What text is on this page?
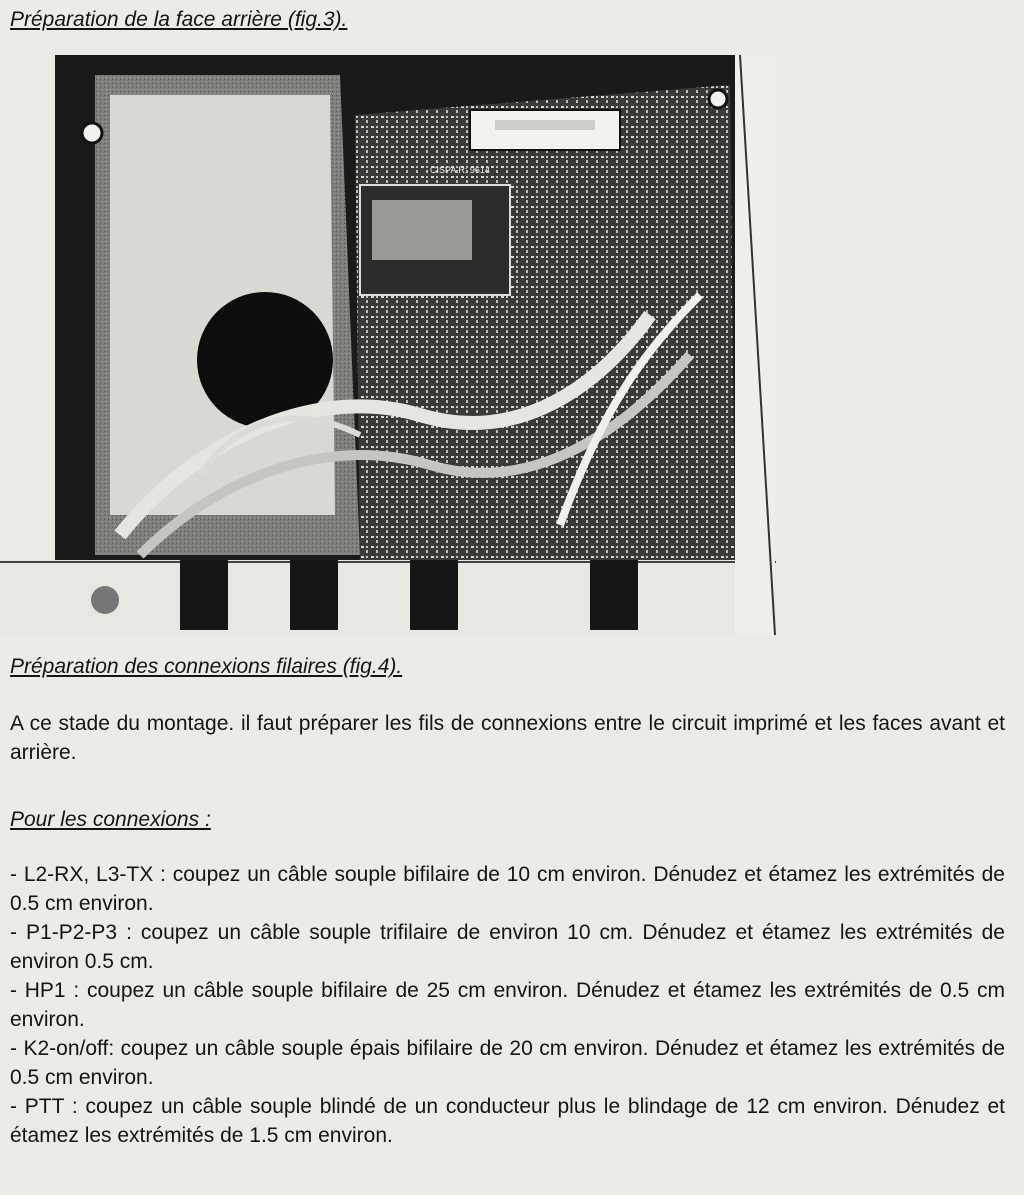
Préparation de la face arrière (fig.3).
CISPA R: 9614
Préparation des connexions filaires (fig.4).

A ce stade du montage. il faut préparer les fils de connexions entre le circuit imprimé et les faces avant et arrière.

Pour les connexions :
- L2-RX, L3-TX : coupez un câble souple bifilaire de 10 cm environ. Dénudez et étamez les extrémités de 0.5 cm environ.
- P1-P2-P3 : coupez un câble souple trifilaire de environ 10 cm. Dénudez et étamez les extrémités de environ 0.5 cm.
- HP1 : coupez un câble souple bifilaire de 25 cm environ. Dénudez et étamez les extrémités de 0.5 cm environ.
- K2-on/off: coupez un câble souple épais bifilaire de 20 cm environ. Dénudez et étamez les extrémités de 0.5 cm environ.
- PTT : coupez un câble souple blindé de un conducteur plus le blindage de 12 cm environ. Dénudez et étamez les extrémités de 1.5 cm environ.
